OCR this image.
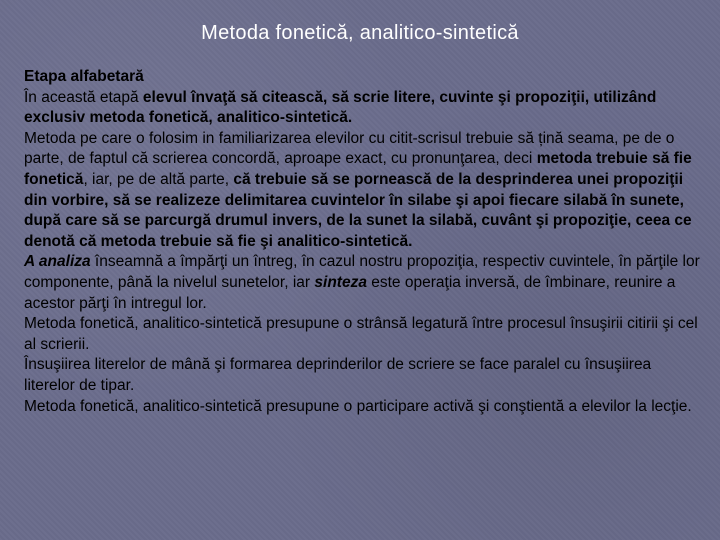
Metoda fonetică, analitico-sintetică
Etapa alfabetară
În această etapă elevul învaţă să citească, să scrie litere, cuvinte şi propoziţii, utilizând exclusiv metoda fonetică, analitico-sintetică.
Metoda pe care o folosim in familiarizarea elevilor cu citit-scrisul trebuie să țină seama, pe de o parte, de faptul că scrierea concordă, aproape exact, cu pronunţarea, deci metoda trebuie să fie fonetică, iar, pe de altă parte, că trebuie să se pornească de la desprinderea unei propoziţii din vorbire, să se realizeze delimitarea cuvintelor în silabe şi apoi fiecare silabă în sunete, după care să se parcurgă drumul invers, de la sunet la silabă, cuvânt şi propoziţie, ceea ce denotă că metoda trebuie să fie şi analitico-sintetică.
A analiza înseamnă a împărţi un întreg, în cazul nostru propoziţia, respectiv cuvintele, în părţile lor componente, până la nivelul sunetelor, iar sinteza este operaţia inversă, de îmbinare, reunire a acestor părţi în intregul lor.
Metoda fonetică, analitico-sintetică presupune o strânsă legatură între procesul însuşirii citirii şi cel al scrierii.
Însuşiirea literelor de mână şi formarea deprinderilor de scriere se face paralel cu însuşiirea literelor de tipar.
Metoda fonetică, analitico-sintetică presupune o participare activă şi conştientă a elevilor la lecţie.
